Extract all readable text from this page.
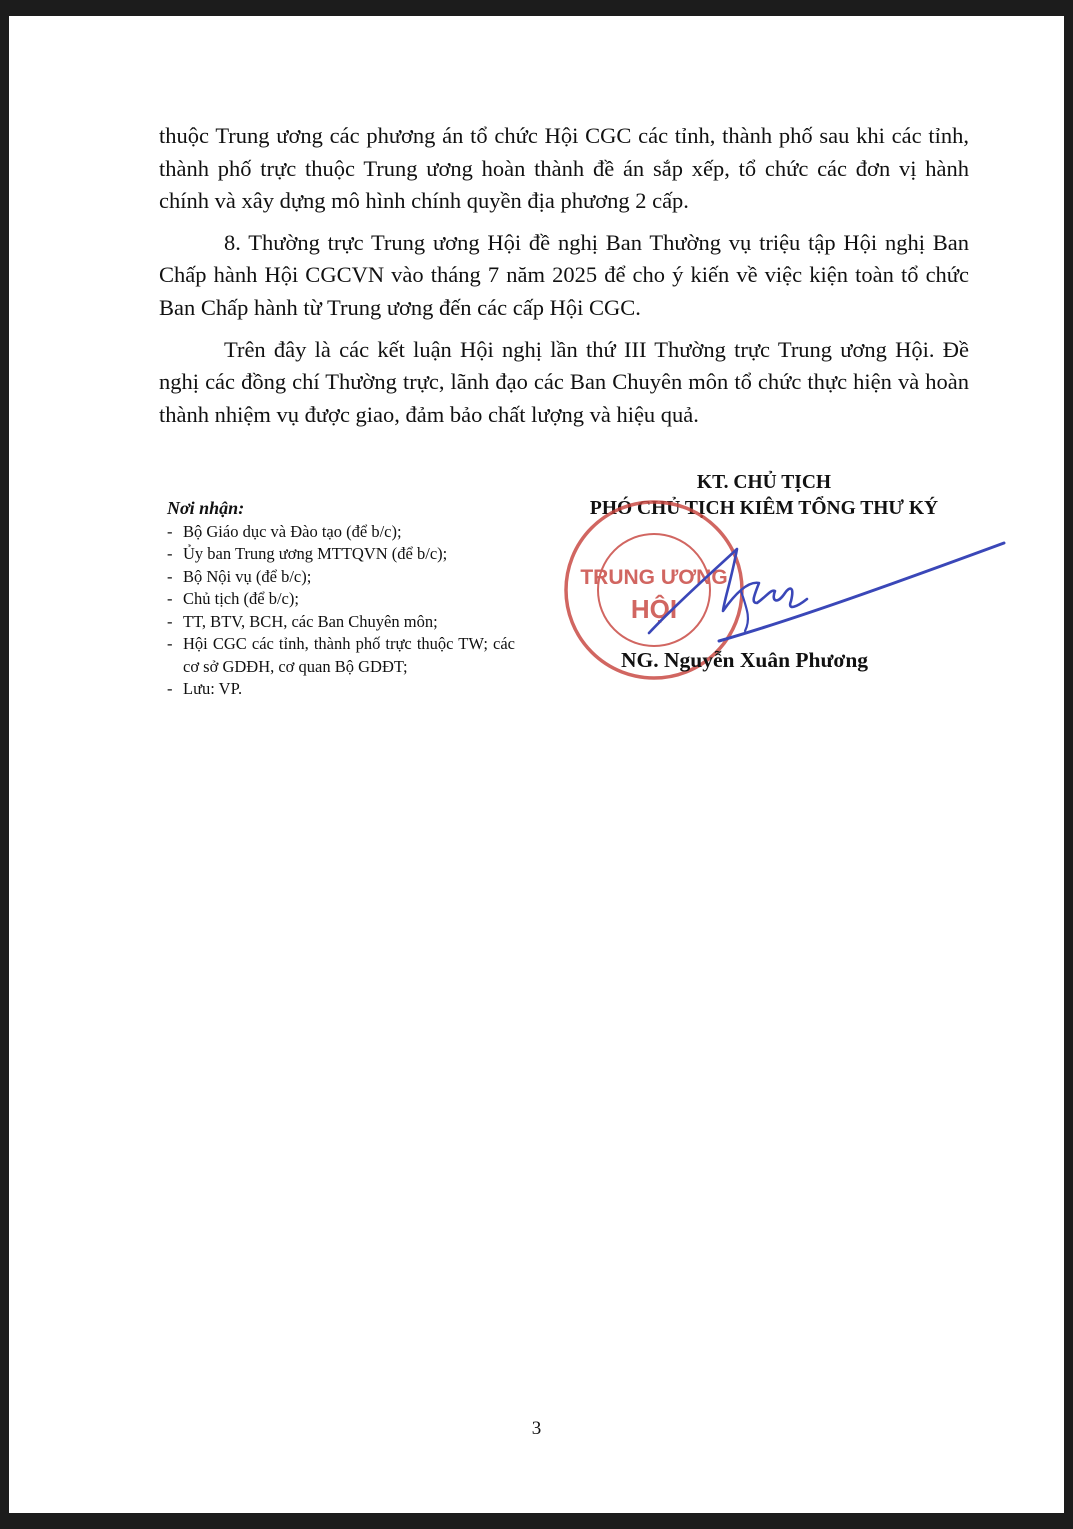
thuộc Trung ương các phương án tổ chức Hội CGC các tỉnh, thành phố sau khi các tỉnh, thành phố trực thuộc Trung ương hoàn thành đề án sắp xếp, tổ chức các đơn vị hành chính và xây dựng mô hình chính quyền địa phương 2 cấp.

8. Thường trực Trung ương Hội đề nghị Ban Thường vụ triệu tập Hội nghị Ban Chấp hành Hội CGCVN vào tháng 7 năm 2025 để cho ý kiến về việc kiện toàn tổ chức Ban Chấp hành từ Trung ương đến các cấp Hội CGC.

Trên đây là các kết luận Hội nghị lần thứ III Thường trực Trung ương Hội. Đề nghị các đồng chí Thường trực, lãnh đạo các Ban Chuyên môn tổ chức thực hiện và hoàn thành nhiệm vụ được giao, đảm bảo chất lượng và hiệu quả.

Nơi nhận:
- Bộ Giáo dục và Đào tạo (để b/c);
- Ủy ban Trung ương MTTQVN (để b/c);
- Bộ Nội vụ (để b/c);
- Chủ tịch (để b/c);
- TT, BTV, BCH, các Ban Chuyên môn;
- Hội CGC các tỉnh, thành phố trực thuộc TW; các cơ sở GDĐH, cơ quan Bộ GDĐT;
- Lưu: VP.
KT. CHỦ TỊCH
PHÓ CHỦ TỊCH KIÊM TỔNG THƯ KÝ
TRUNG ƯƠNG
HỘI
NG. Nguyễn Xuân Phương
3
